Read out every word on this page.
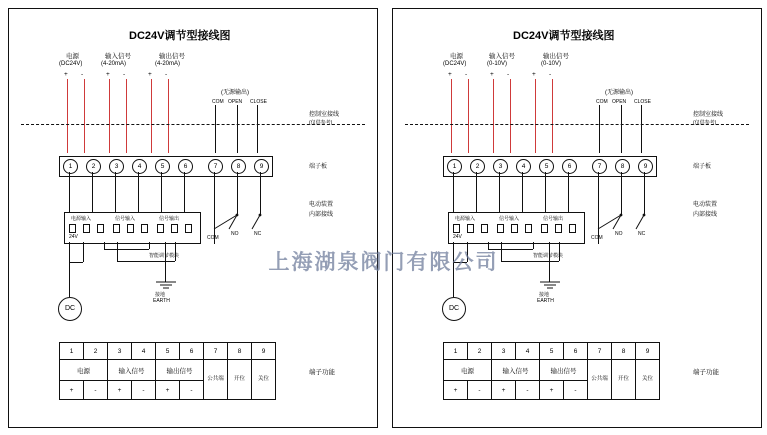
DC24V调节型接线图
电源
(DC24V)
输入信号
(4-20mA)
输出信号
(4-20mA)
(无源输出)
COM OPEN CLOSE
+ -	+ -	+ -
控制室接线
(仅供参考)
1	2	3	4	5	6	7	8	9	端子板
电动装置
内部接线
电源输入	信号输入	信号输出
24V
智能调节模块
DC
COM
NO	NC
接地
EARTH
1	2	3	4	5	6	7	8	9
电源		输入信号		输出信号		公共端	开位	关位
+	-	+	-	+	-			
端子功能
DC24V调节型接线图
电源
(DC24V)
输入信号
(0-10V)
输出信号
(0-10V)
(无源输出)
COM OPEN CLOSE
+ -	+ -	+ -
控制室接线
(仅供参考)
1	2	3	4	5	6	7	8	9	端子板
电动装置
内部接线
电源输入	信号输入	信号输出
24V
智能调节模块
DC
COM
NO	NC
接地
EARTH
1	2	3	4	5	6	7	8	9
电源		输入信号		输出信号		公共端	开位	关位
+	-	+	-	+	-			
端子功能
上海湖泉阀门有限公司
